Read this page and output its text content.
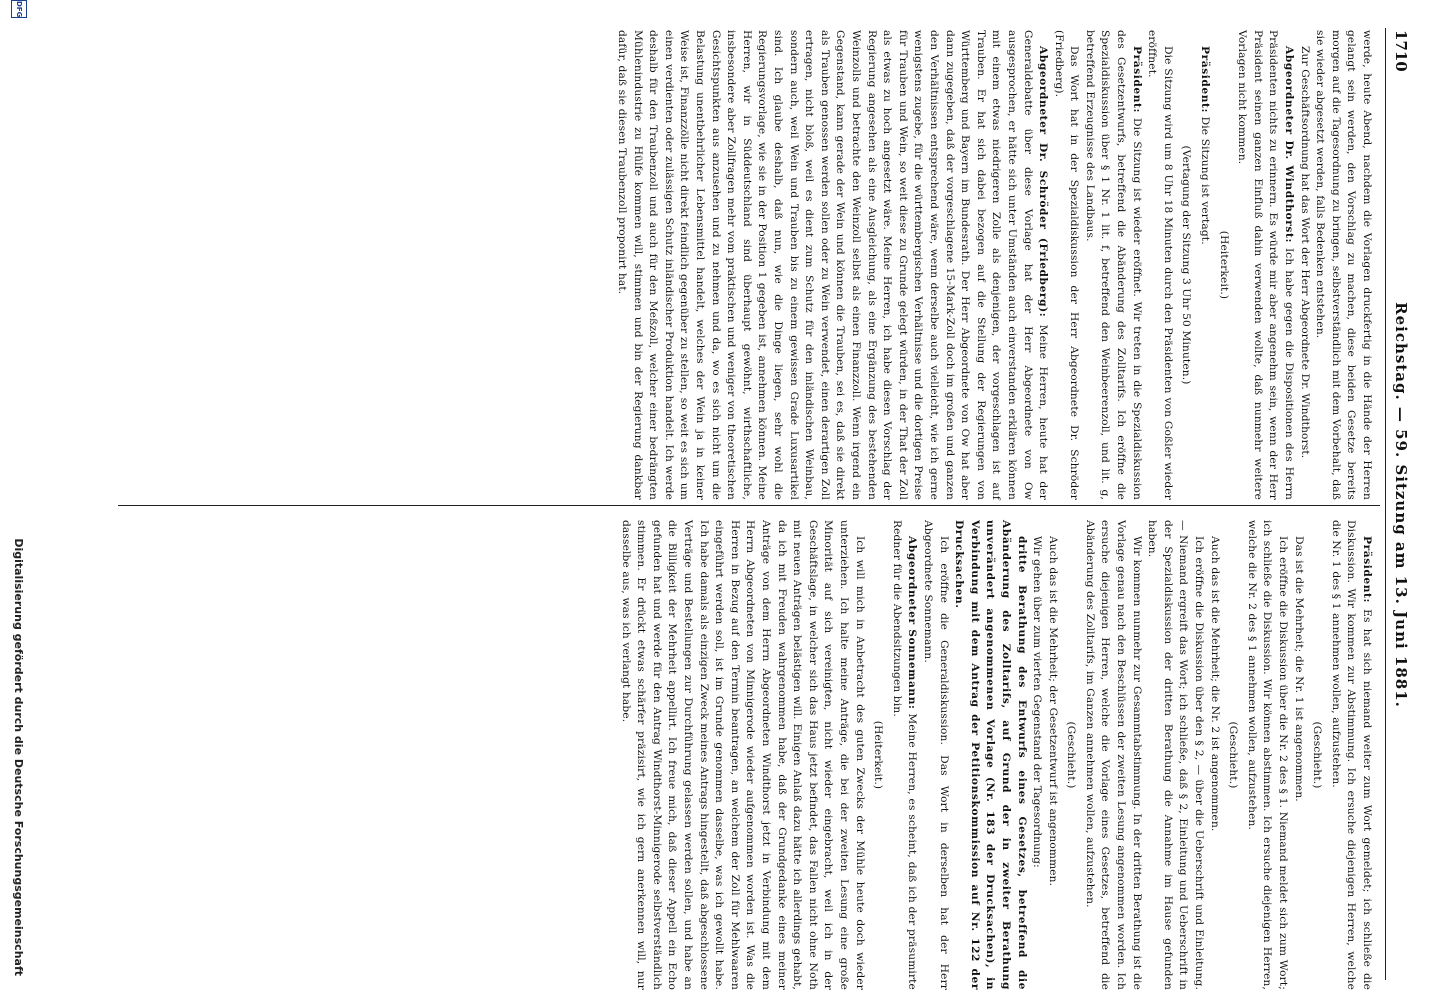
1710
Reichstag. — 59. Sitzung am 13. Juni 1881.

werde, heute Abend, nachdem die Vorlagen druckfertig in die Hände der Herren gelangt sein werden, den Vorschlag zu machen, diese beiden Gesetze bereits morgen auf die Tagesordnung zu bringen, selbstverständlich mit dem Vorbehalt, daß sie wieder abgesetzt werden, falls Bedenken entstehen.

Zur Geschäftsordnung hat das Wort der Herr Abgeordnete Dr. Windthorst.

Abgeordneter Dr. Windthorst: Ich habe gegen die Dispositionen des Herrn Präsidenten nichts zu erinnern. Es würde mir aber angenehm sein, wenn der Herr Präsident seinen ganzen Einfluß dahin verwenden wollte, daß nunmehr weitere Vorlagen nicht kommen.

(Heiterkeit.)

Präsident: Die Sitzung ist vertagt.

(Vertagung der Sitzung 3 Uhr 50 Minuten.)

Die Sitzung wird um 8 Uhr 18 Minuten durch den Präsidenten von Goßler wieder eröffnet.

Präsident: Die Sitzung ist wieder eröffnet. Wir treten in die Spezialdiskussion des Gesetzentwurfs, betreffend die Abänderung des Zolltarifs. Ich eröffne die Spezialdiskussion über § 1 Nr. 1 lit. f, betreffend den Weinbeerenzoll, und lit. g, betreffend Erzeugnisse des Landbaus.

Das Wort hat in der Spezialdiskussion der Herr Abgeordnete Dr. Schröder (Friedberg).

Abgeordneter Dr. Schröder (Friedberg): Meine Herren, heute hat der Generaldebatte über diese Vorlage hat der Herr Abgeordnete von Ow ausgesprochen, er hätte sich unter Umständen auch einverstanden erklären können mit einem etwas niedrigeren Zolle als denjenigen, der vorgeschlagen ist auf Trauben. Er hat sich dabei bezogen auf die Stellung der Regierungen von Württemberg und Bayern im Bundesrath. Der Herr Abgeordnete von Ow hat aber dann zugegeben, daß der vorgeschlagene 15-Mark-Zoll doch im großen und ganzen den Verhältnissen entsprechend wäre, wenn derselbe auch vielleicht, wie ich gerne wenigstens zugebe, für die württembergischen Verhältnisse und die dortigen Preise für Trauben und Wein, so weit diese zu Grunde gelegt würden, in der That der Zoll als etwas zu hoch angesetzt wäre. Meine Herren, ich habe diesen Vorschlag der Regierung angesehen als eine Ausgleichung, als eine Ergänzung des bestehenden Weinzolls und betrachte den Weinzoll selbst als einen Finanzzoll. Wenn irgend ein Gegenstand, kann gerade der Wein und können die Trauben, sei es, daß sie direkt als Trauben genossen werden sollen oder zu Wein verwendet, einen derartigen Zoll ertragen, nicht bloß, weil es dient zum Schutz für den inländischen Weinbau, sondern auch, weil Wein und Trauben bis zu einem gewissen Grade Luxusartikel sind. Ich glaube deshalb, daß nun, wie die Dinge liegen, sehr wohl die Regierungsvorlage, wie sie in der Position 1 gegeben ist, annehmen können. Meine Herren, wir in Süddeutschland sind überhaupt gewöhnt, wirthschaftliche, insbesondere aber Zollfragen mehr vom praktischen und weniger von theoretischen Gesichtspunkten aus anzusehen und zu nehmen und da, wo es sich nicht um die Belastung unentbehrlicher Lebensmittel handelt, welches der Wein ja in keiner Weise ist, Finanzzölle nicht direkt feindlich gegenüber zu stellen, so weit es sich um einen verdienten oder zulässigen Schutz inländischer Produktion handelt. Ich werde deshalb für den Traubenzoll und auch für den Meßzoll, welcher einer bedrängten Mühlenindustrie zu Hülfe kommen will, stimmen und bin der Regierung dankbar dafür, daß sie diesen Traubenzoll proponirt hat.

Präsident: Es hat sich niemand weiter zum Wort gemeldet; ich schließe die Diskussion. Wir kommen zur Abstimmung. Ich ersuche diejenigen Herren, welche die Nr. 1 des § 1 annehmen wollen, aufzustehen.

(Geschieht.)

Das ist die Mehrheit; die Nr. 1 ist angenommen.

Ich eröffne die Diskussion über die Nr. 2 des § 1. Niemand meldet sich zum Wort; ich schließe die Diskussion. Wir können abstimmen. Ich ersuche diejenigen Herren, welche die Nr. 2 des § 1 annehmen wollen, aufzustehen.

(Geschieht.)

Auch das ist die Mehrheit; die Nr. 2 ist angenommen.

Ich eröffne die Diskussion über den § 2, — über die Ueberschrift und Einleitung. — Niemand ergreift das Wort; ich schließe, daß § 2, Einleitung und Ueberschrift in der Spezialdiskussion der dritten Berathung die Annahme im Hause gefunden haben.

Wir kommen nunmehr zur Gesammtabstimmung. In der dritten Berathung ist die Vorlage genau nach den Beschlüssen der zweiten Lesung angenommen worden. Ich ersuche diejenigen Herren, welche die Vorlage eines Gesetzes, betreffend die Abänderung des Zolltarifs, im Ganzen annehmen wollen, aufzustehen.

(Geschieht.)

Auch das ist die Mehrheit; der Gesetzentwurf ist angenommen.

Wir gehen über zum vierten Gegenstand der Tagesordnung:

dritte Berathung des Entwurfs eines Gesetzes, betreffend die Abänderung des Zolltarifs, auf Grund der in zweiter Berathung unverändert angenommenen Vorlage (Nr. 183 der Drucksachen), in Verbindung mit dem Antrag der Petitionskommission auf Nr. 122 der Drucksachen.

Ich eröffne die Generaldiskussion. Das Wort in derselben hat der Herr Abgeordnete Sonnemann.

Abgeordneter Sonnemann: Meine Herren, es scheint, daß ich der präsumirte Redner für die Abendsitzungen bin.

(Heiterkeit.)

Ich will mich in Anbetracht des guten Zwecks der Mühle heute doch wieder unterziehen. Ich halte meine Anträge, die bei der zweiten Lesung eine große Minorität auf sich vereinigten, nicht wieder eingebracht, weil ich in der Geschäftslage, in welcher sich das Haus jetzt befindet, das Fallen nicht ohne Noth mit neuen Anträgen belästigen will. Einigen Anlaß dazu hätte ich allerdings gehabt, da ich mit Freuden wahrgenommen habe, daß der Grundgedanke eines meiner Anträge von dem Herrn Abgeordneten Windthorst jetzt in Verbindung mit dem Herrn Abgeordneten von Minnigerode wieder aufgenommen worden ist. Was die Herren in Bezug auf den Termin beantragen, an welchem der Zoll für Mehlwaaren eingeführt werden soll, ist im Grunde genommen dasselbe, was ich gewollt habe. Ich habe damals als einzigen Zweck meines Antrags hingestellt, daß abgeschlossene Verträge und Bestellungen zur Durchführung gelassen werden sollen, und habe an die Billigkeit der Mehrheit appellirt. Ich freue mich, daß dieser Appell ein Echo gefunden hat und werde für den Antrag Windthorst-Minnigerode selbstverständlich stimmen. Er drückt etwas schärfer präzisirt, wie ich gern anerkennen will, nur dasselbe aus, was ich verlangt habe.

DFG
Digitalisierung gefördert durch die Deutsche Forschungsgemeinschaft
